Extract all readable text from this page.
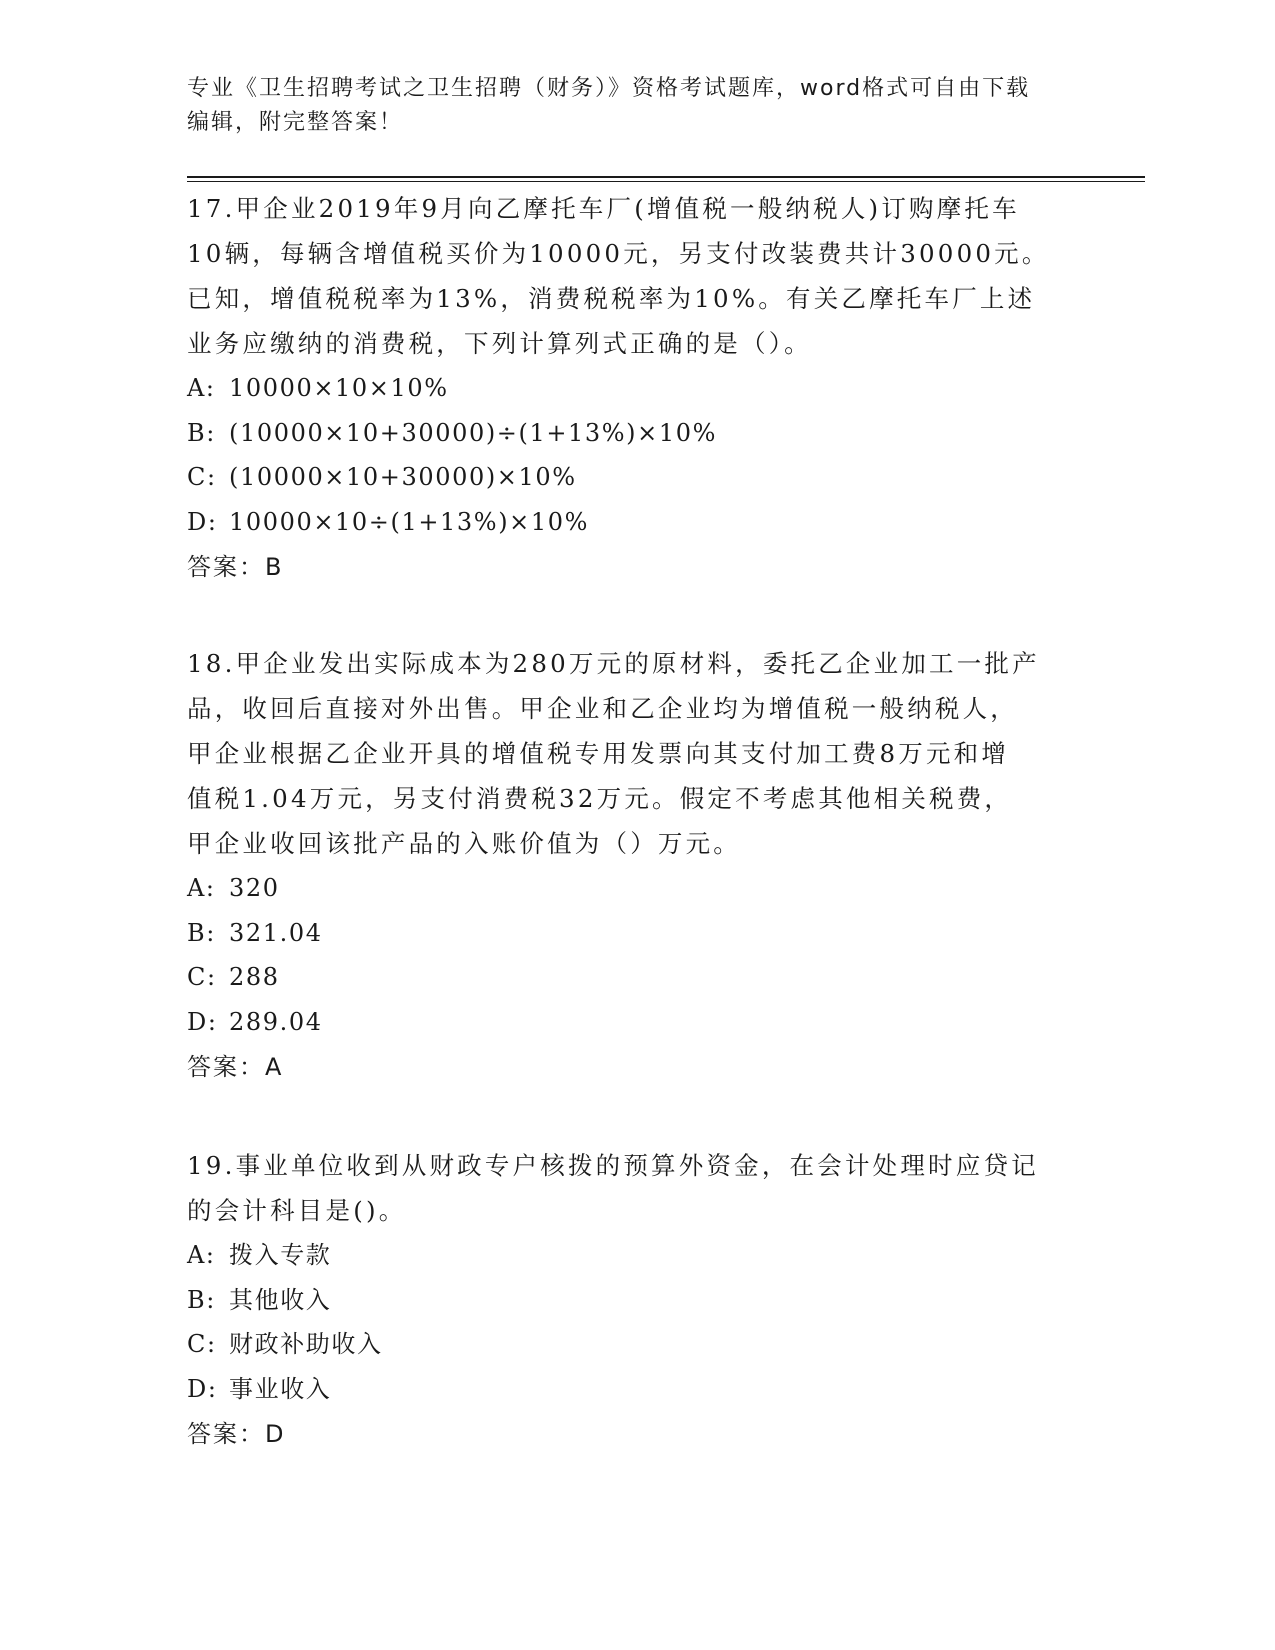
专业《卫生招聘考试之卫生招聘（财务）》资格考试题库，word格式可自由下载
编辑，附完整答案！

17.甲企业2019年9月向乙摩托车厂(增值税一般纳税人)订购摩托车
10辆，每辆含增值税买价为10000元，另支付改装费共计30000元。
已知，增值税税率为13%，消费税税率为10%。有关乙摩托车厂上述
业务应缴纳的消费税，下列计算列式正确的是（）。

A: 10000×10×10%

B: (10000×10+30000)÷(1+13%)×10%

C: (10000×10+30000)×10%

D: 10000×10÷(1+13%)×10%

答案：B

18.甲企业发出实际成本为280万元的原材料，委托乙企业加工一批产
品，收回后直接对外出售。甲企业和乙企业均为增值税一般纳税人，
甲企业根据乙企业开具的增值税专用发票向其支付加工费8万元和增
值税1.04万元，另支付消费税32万元。假定不考虑其他相关税费，
甲企业收回该批产品的入账价值为（）万元。

A: 320

B: 321.04

C: 288

D: 289.04

答案：A

19.事业单位收到从财政专户核拨的预算外资金，在会计处理时应贷记
的会计科目是()。

A: 拨入专款

B: 其他收入

C: 财政补助收入

D: 事业收入

答案：D
